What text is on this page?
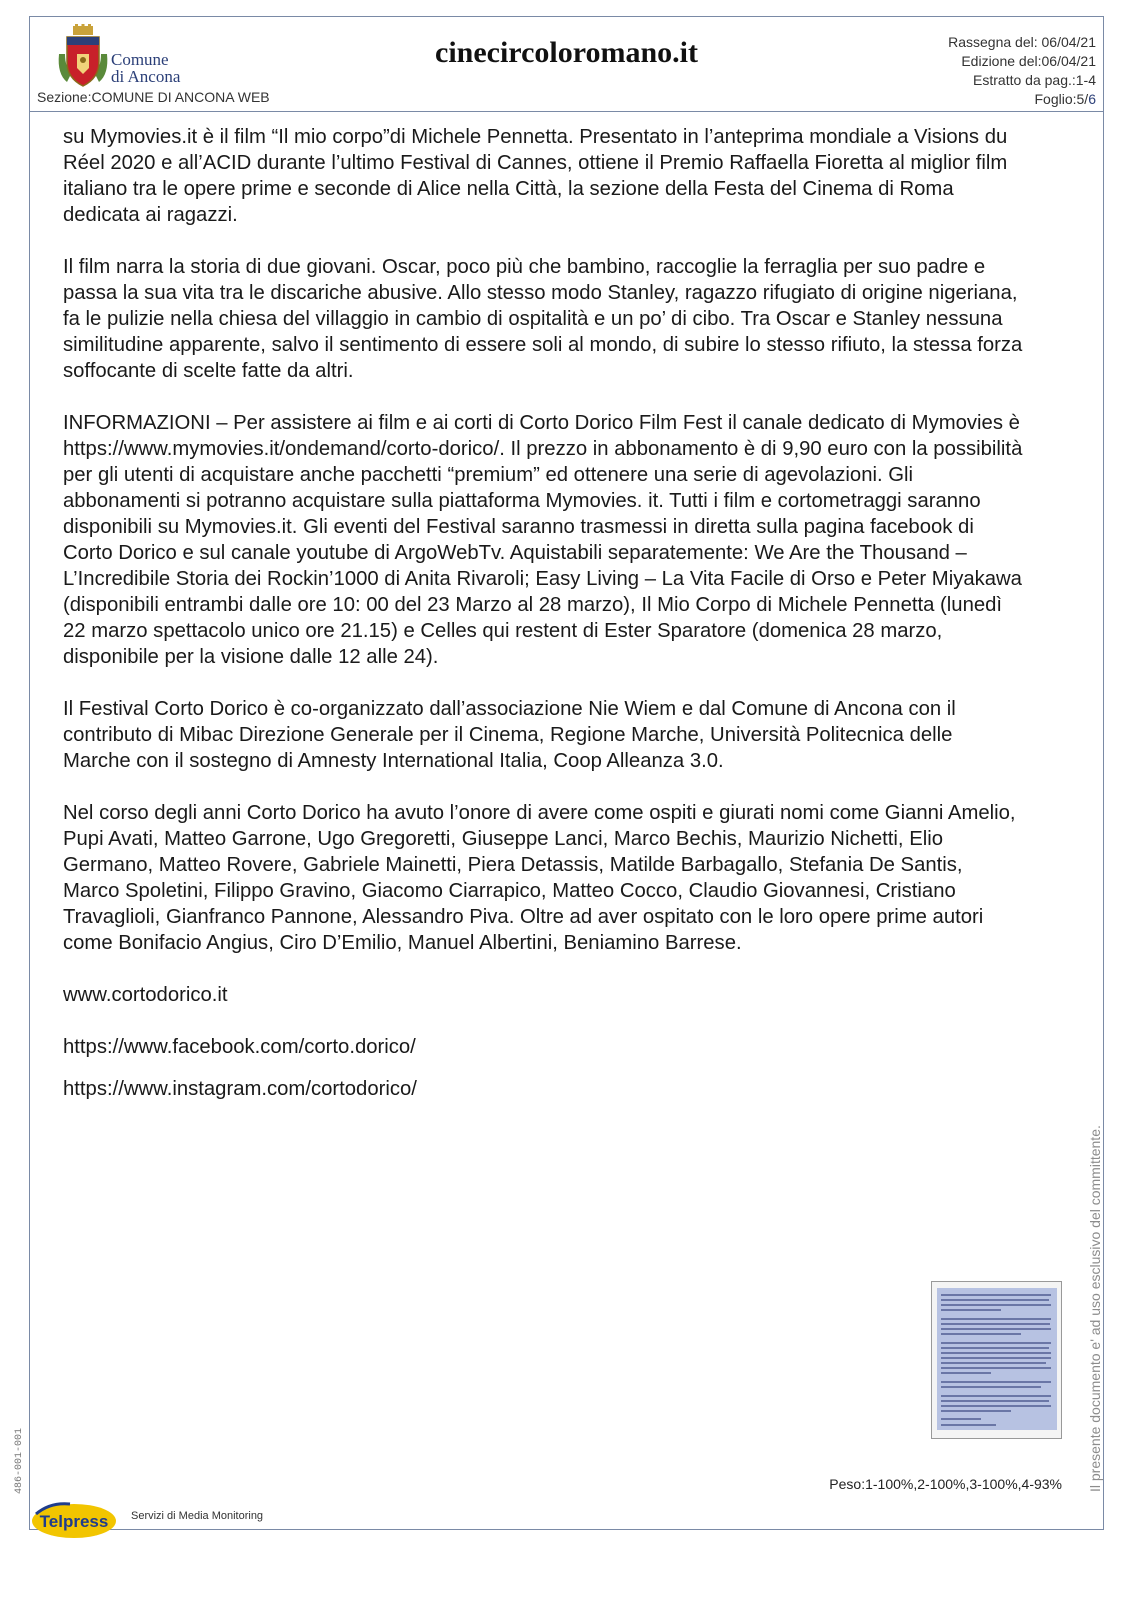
Comune
di Ancona
Sezione:COMUNE DI ANCONA WEB
cinecircoloromano.it	Rassegna del: 06/04/21
Edizione del:06/04/21
Estratto da pag.:1-4
Foglio:5/6

su Mymovies.it è il film “Il mio corpo”di Michele Pennetta. Presentato in l’anteprima mondiale a Visions du Réel 2020 e all’ACID durante l’ultimo Festival di Cannes, ottiene il Premio Raffaella Fioretta al miglior film italiano tra le opere prime e seconde di Alice nella Città, la sezione della Festa del Cinema di Roma dedicata ai ragazzi.

Il film narra la storia di due giovani. Oscar, poco più che bambino, raccoglie la ferraglia per suo padre e passa la sua vita tra le discariche abusive. Allo stesso modo Stanley, ragazzo rifugiato di origine nigeriana, fa le pulizie nella chiesa del villaggio in cambio di ospitalità e un po’ di cibo. Tra Oscar e Stanley nessuna similitudine apparente, salvo il sentimento di essere soli al mondo, di subire lo stesso rifiuto, la stessa forza soffocante di scelte fatte da altri.

INFORMAZIONI – Per assistere ai film e ai corti di Corto Dorico Film Fest il canale dedicato di Mymovies è https://www.mymovies.it/ondemand/corto-dorico/. Il prezzo in abbonamento è di 9,90 euro con la possibilità per gli utenti di acquistare anche pacchetti “premium” ed ottenere una serie di agevolazioni. Gli abbonamenti si potranno acquistare sulla piattaforma Mymovies. it. Tutti i film e cortometraggi saranno disponibili su Mymovies.it. Gli eventi del Festival saranno trasmessi in diretta sulla pagina facebook di Corto Dorico e sul canale youtube di ArgoWebTv. Aquistabili separatemente: We Are the Thousand – L’Incredibile Storia dei Rockin’1000 di Anita Rivaroli; Easy Living – La Vita Facile di Orso e Peter Miyakawa (disponibili entrambi dalle ore 10: 00 del 23 Marzo al 28 marzo), Il Mio Corpo di Michele Pennetta (lunedì 22 marzo spettacolo unico ore 21.15) e Celles qui restent di Ester Sparatore (domenica 28 marzo, disponibile per la visione dalle 12 alle 24).

Il Festival Corto Dorico è co-organizzato dall’associazione Nie Wiem e dal Comune di Ancona con il contributo di Mibac Direzione Generale per il Cinema, Regione Marche, Università Politecnica delle Marche con il sostegno di Amnesty International Italia, Coop Alleanza 3.0.

Nel corso degli anni Corto Dorico ha avuto l’onore di avere come ospiti e giurati nomi come Gianni Amelio, Pupi Avati, Matteo Garrone, Ugo Gregoretti, Giuseppe Lanci, Marco Bechis, Maurizio Nichetti, Elio Germano, Matteo Rovere, Gabriele Mainetti, Piera Detassis, Matilde Barbagallo, Stefania De Santis, Marco Spoletini, Filippo Gravino, Giacomo Ciarrapico, Matteo Cocco, Claudio Giovannesi, Cristiano Travaglioli, Gianfranco Pannone, Alessandro Piva. Oltre ad aver ospitato con le loro opere prime autori come Bonifacio Angius, Ciro D’Emilio, Manuel Albertini, Beniamino Barrese.

www.cortodorico.it

https://www.facebook.com/corto.dorico/

https://www.instagram.com/cortodorico/

Peso:1-100%,2-100%,3-100%,4-93% Il presente documento e' ad uso esclusivo del committente.
486-001-001
Telpress Servizi di Media Monitoring
